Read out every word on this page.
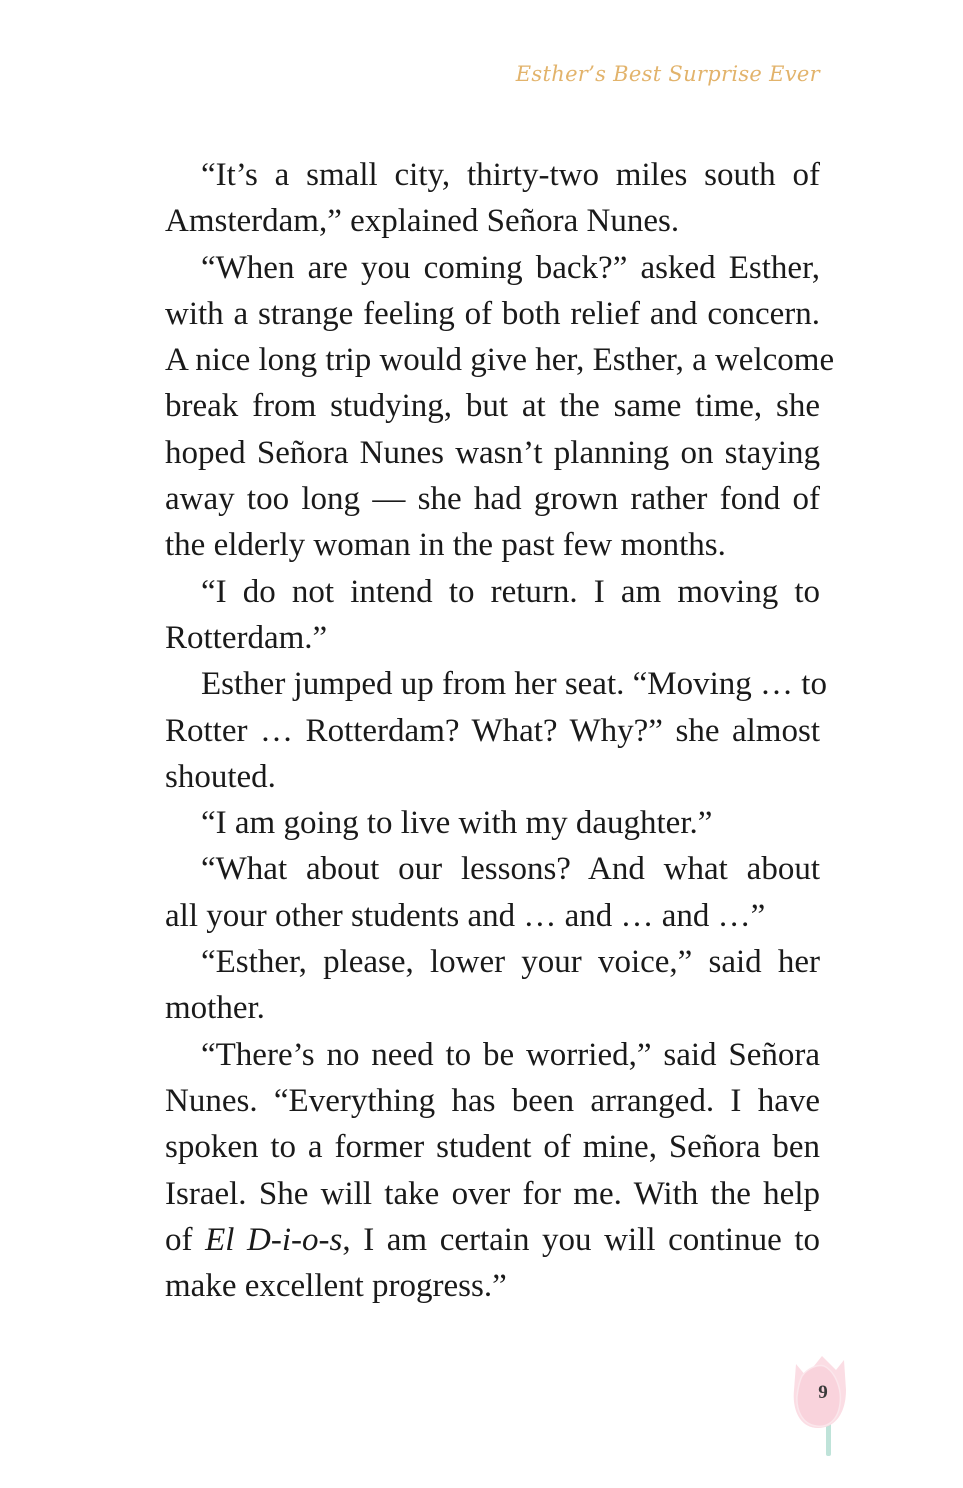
Esther’s Best Surprise Ever
“It’s a small city, thirty-two miles south of
Amsterdam,” explained Señora Nunes.
“When are you coming back?” asked Esther,
with a strange feeling of both relief and concern.
A nice long trip would give her, Esther, a welcome
break from studying, but at the same time, she
hoped Señora Nunes wasn’t planning on staying
away too long — she had grown rather fond of
the elderly woman in the past few months.
“I do not intend to return. I am moving to
Rotterdam.”
Esther jumped up from her seat. “Moving … to
Rotter … Rotterdam? What? Why?” she almost
shouted.
“I am going to live with my daughter.”
“What about our lessons? And what about
all your other students and … and … and …”
“Esther, please, lower your voice,” said her
mother.
“There’s no need to be worried,” said Señora
Nunes. “Everything has been arranged. I have
spoken to a former student of mine, Señora ben
Israel. She will take over for me. With the help
of El D-i-o-s, I am certain you will continue to
make excellent progress.”
9
